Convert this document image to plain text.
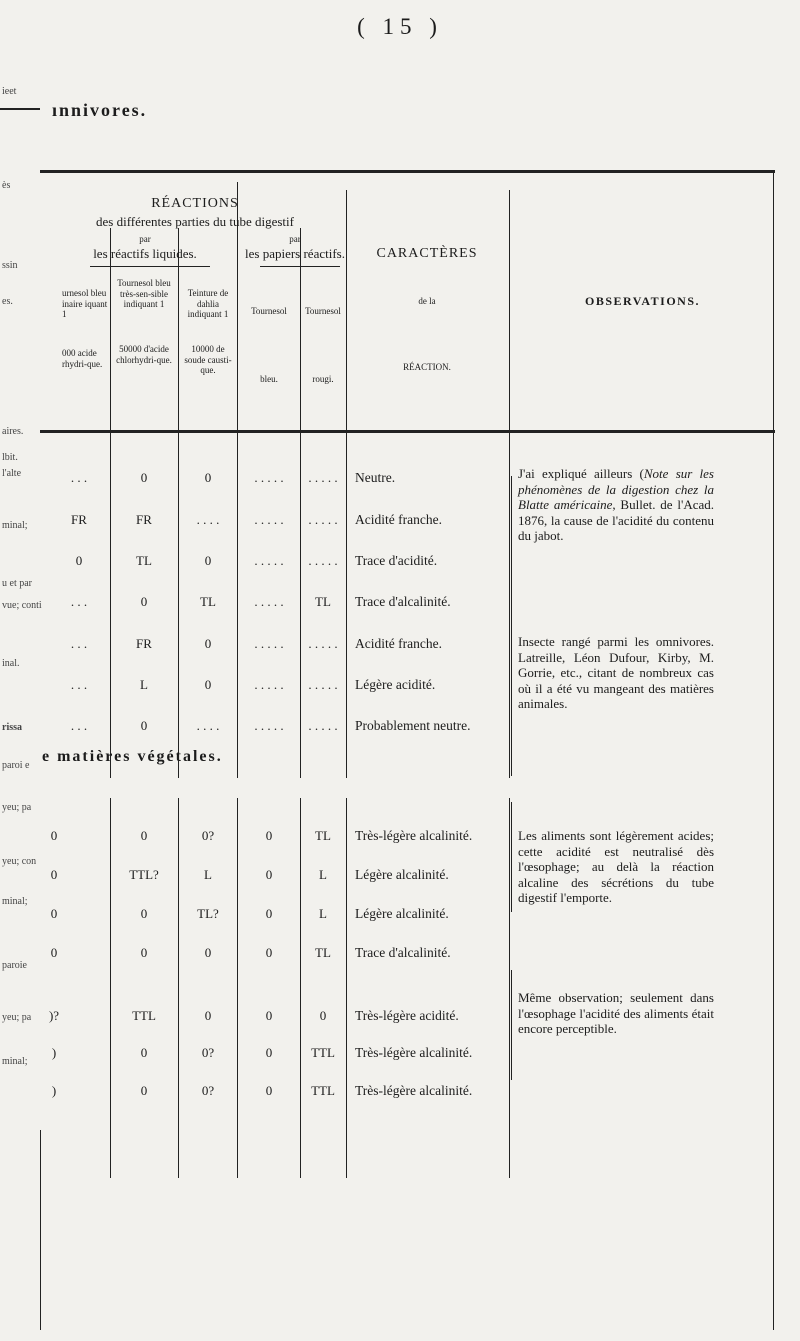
( 15 )
ınnivores.
ieet
ès
ssin
es.
aires.
lbit.
l'alte
minal;
u et par
vue; conti
inal.
rissa
paroi e
yeu; pa
yeu; con
minal;
paroie
yeu; pa
minal;
RÉACTIONS
des différentes parties du tube digestif
par
les réactifs liquides.
par
les papiers réactifs.	CARACTÈRES
de la
RÉACTION.
OBSERVATIONS.
urnesol bleu inaire iquant 1
000 acide rhydri-que.
Tournesol bleu très-sen-sible indiquant 1
50000 d'acide chlorhydri-que.
Teinture de dahlia indiquant 1
10000 de soude causti-que.
Tournesol
bleu.
Tournesol
rougi.
. . .	0	0	. . . . .	. . . . .	Neutre.
FR	FR	. . . .	. . . . .	. . . . .	Acidité franche.
0	TL	0	. . . . .	. . . . .	Trace d'acidité.
. . .	0	TL	. . . . .	TL	Trace d'alcalinité.
. . .	FR	0	. . . . .	. . . . .	Acidité franche.
. . .	L	0	. . . . .	. . . . .	Légère acidité.
. . .	0	. . . .	. . . . .	. . . . .	Probablement neutre.
J'ai expliqué ailleurs (Note sur les phénomènes de la digestion chez la Blatte américaine, Bullet. de l'Acad. 1876, la cause de l'acidité du contenu du jabot.
Insecte rangé parmi les omnivores. Latreille, Léon Dufour, Kirby, M. Gorrie, etc., citant de nombreux cas où il a été vu mangeant des matières animales.
e matières végétales.
0	0	0?	0	TL	Très-légère alcalinité.
0	TTL?	L	0	L	Légère alcalinité.
0	0	TL?	0	L	Légère alcalinité.
0	0	0	0	TL	Trace d'alcalinité.
Les aliments sont légèrement acides; cette acidité est neutralisé dès l'œsophage; au delà la réaction alcaline des sécrétions du tube digestif l'emporte.
)?	TTL	0	0	0	Très-légère acidité.
)	0	0?	0	TTL	Très-légère alcalinité.
)	0	0?	0	TTL	Très-légère alcalinité.
Même observation; seulement dans l'œsophage l'acidité des aliments était encore perceptible.
